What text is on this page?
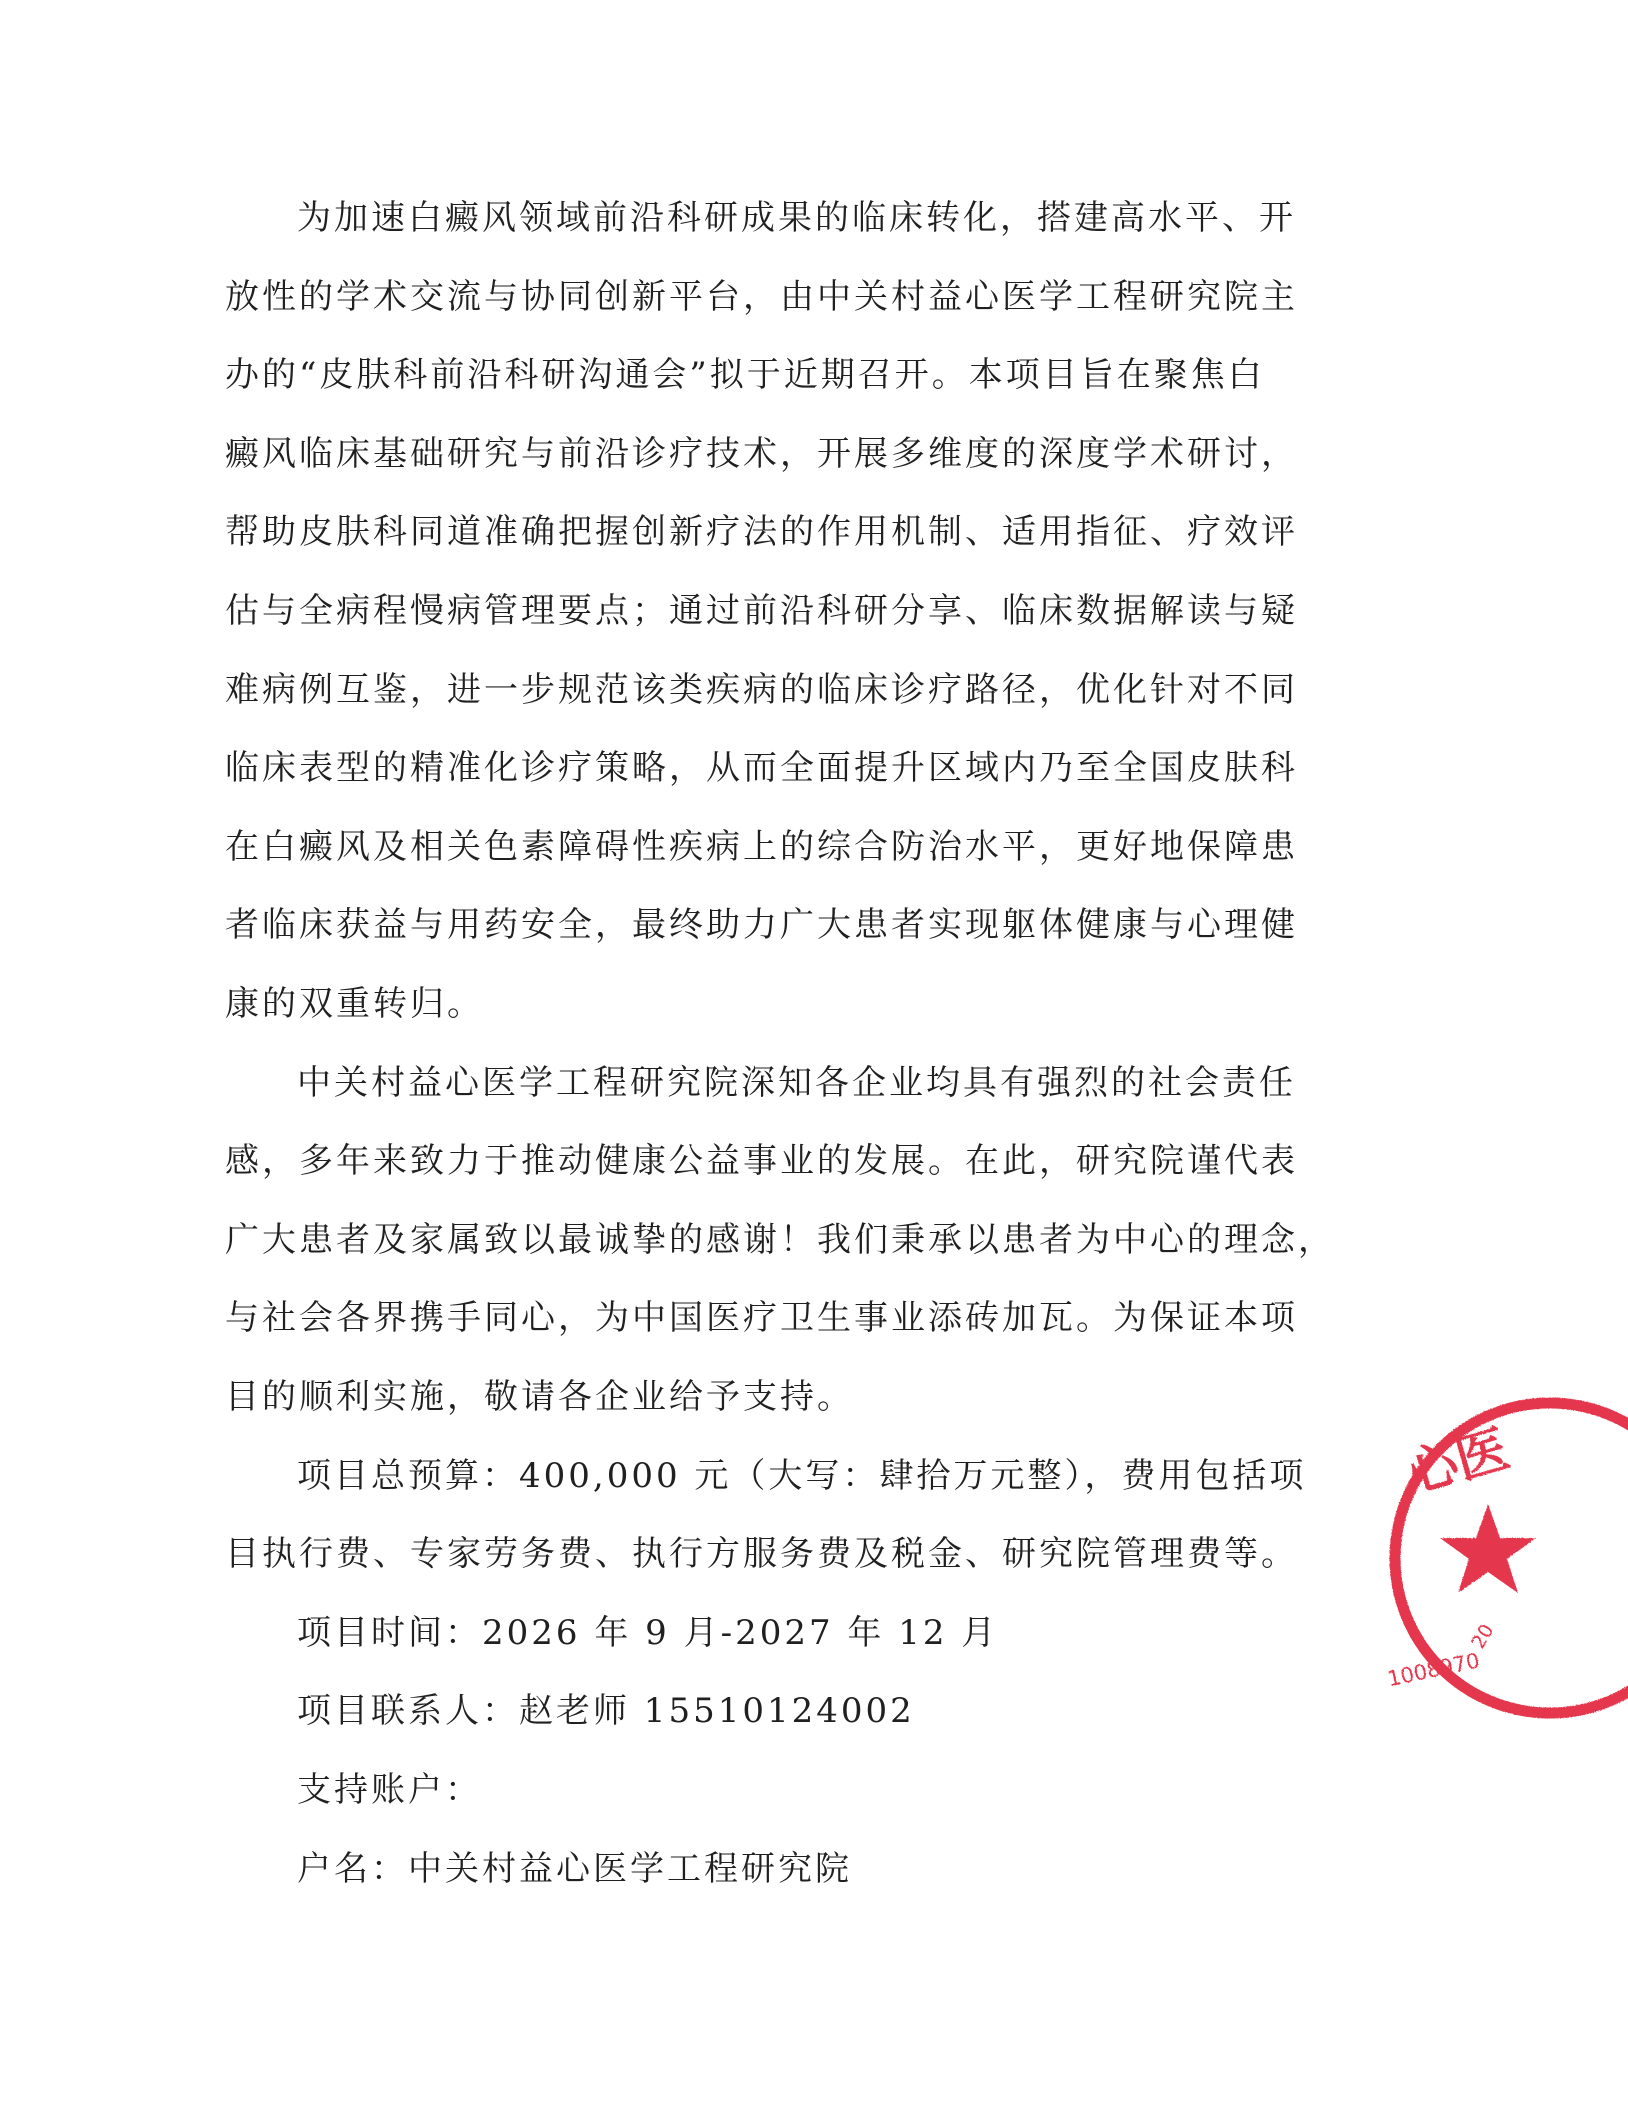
为加速白癜风领域前沿科研成果的临床转化，搭建高水平、开
放性的学术交流与协同创新平台，由中关村益心医学工程研究院主
办的“皮肤科前沿科研沟通会”拟于近期召开。本项目旨在聚焦白
癜风临床基础研究与前沿诊疗技术，开展多维度的深度学术研讨，
帮助皮肤科同道准确把握创新疗法的作用机制、适用指征、疗效评
估与全病程慢病管理要点；通过前沿科研分享、临床数据解读与疑
难病例互鉴，进一步规范该类疾病的临床诊疗路径，优化针对不同
临床表型的精准化诊疗策略，从而全面提升区域内乃至全国皮肤科
在白癜风及相关色素障碍性疾病上的综合防治水平，更好地保障患
者临床获益与用药安全，最终助力广大患者实现躯体健康与心理健
康的双重转归。
中关村益心医学工程研究院深知各企业均具有强烈的社会责任
感，多年来致力于推动健康公益事业的发展。在此，研究院谨代表
广大患者及家属致以最诚挚的感谢！我们秉承以患者为中心的理念，
与社会各界携手同心，为中国医疗卫生事业添砖加瓦。为保证本项
目的顺利实施，敬请各企业给予支持。
项目总预算：400,000 元（大写：肆拾万元整），费用包括项
目执行费、专家劳务费、执行方服务费及税金、研究院管理费等。
项目时间：2026 年 9 月-2027 年 12 月
项目联系人：赵老师 15510124002
支持账户：
户名：中关村益心医学工程研究院
心医
1008970
20
